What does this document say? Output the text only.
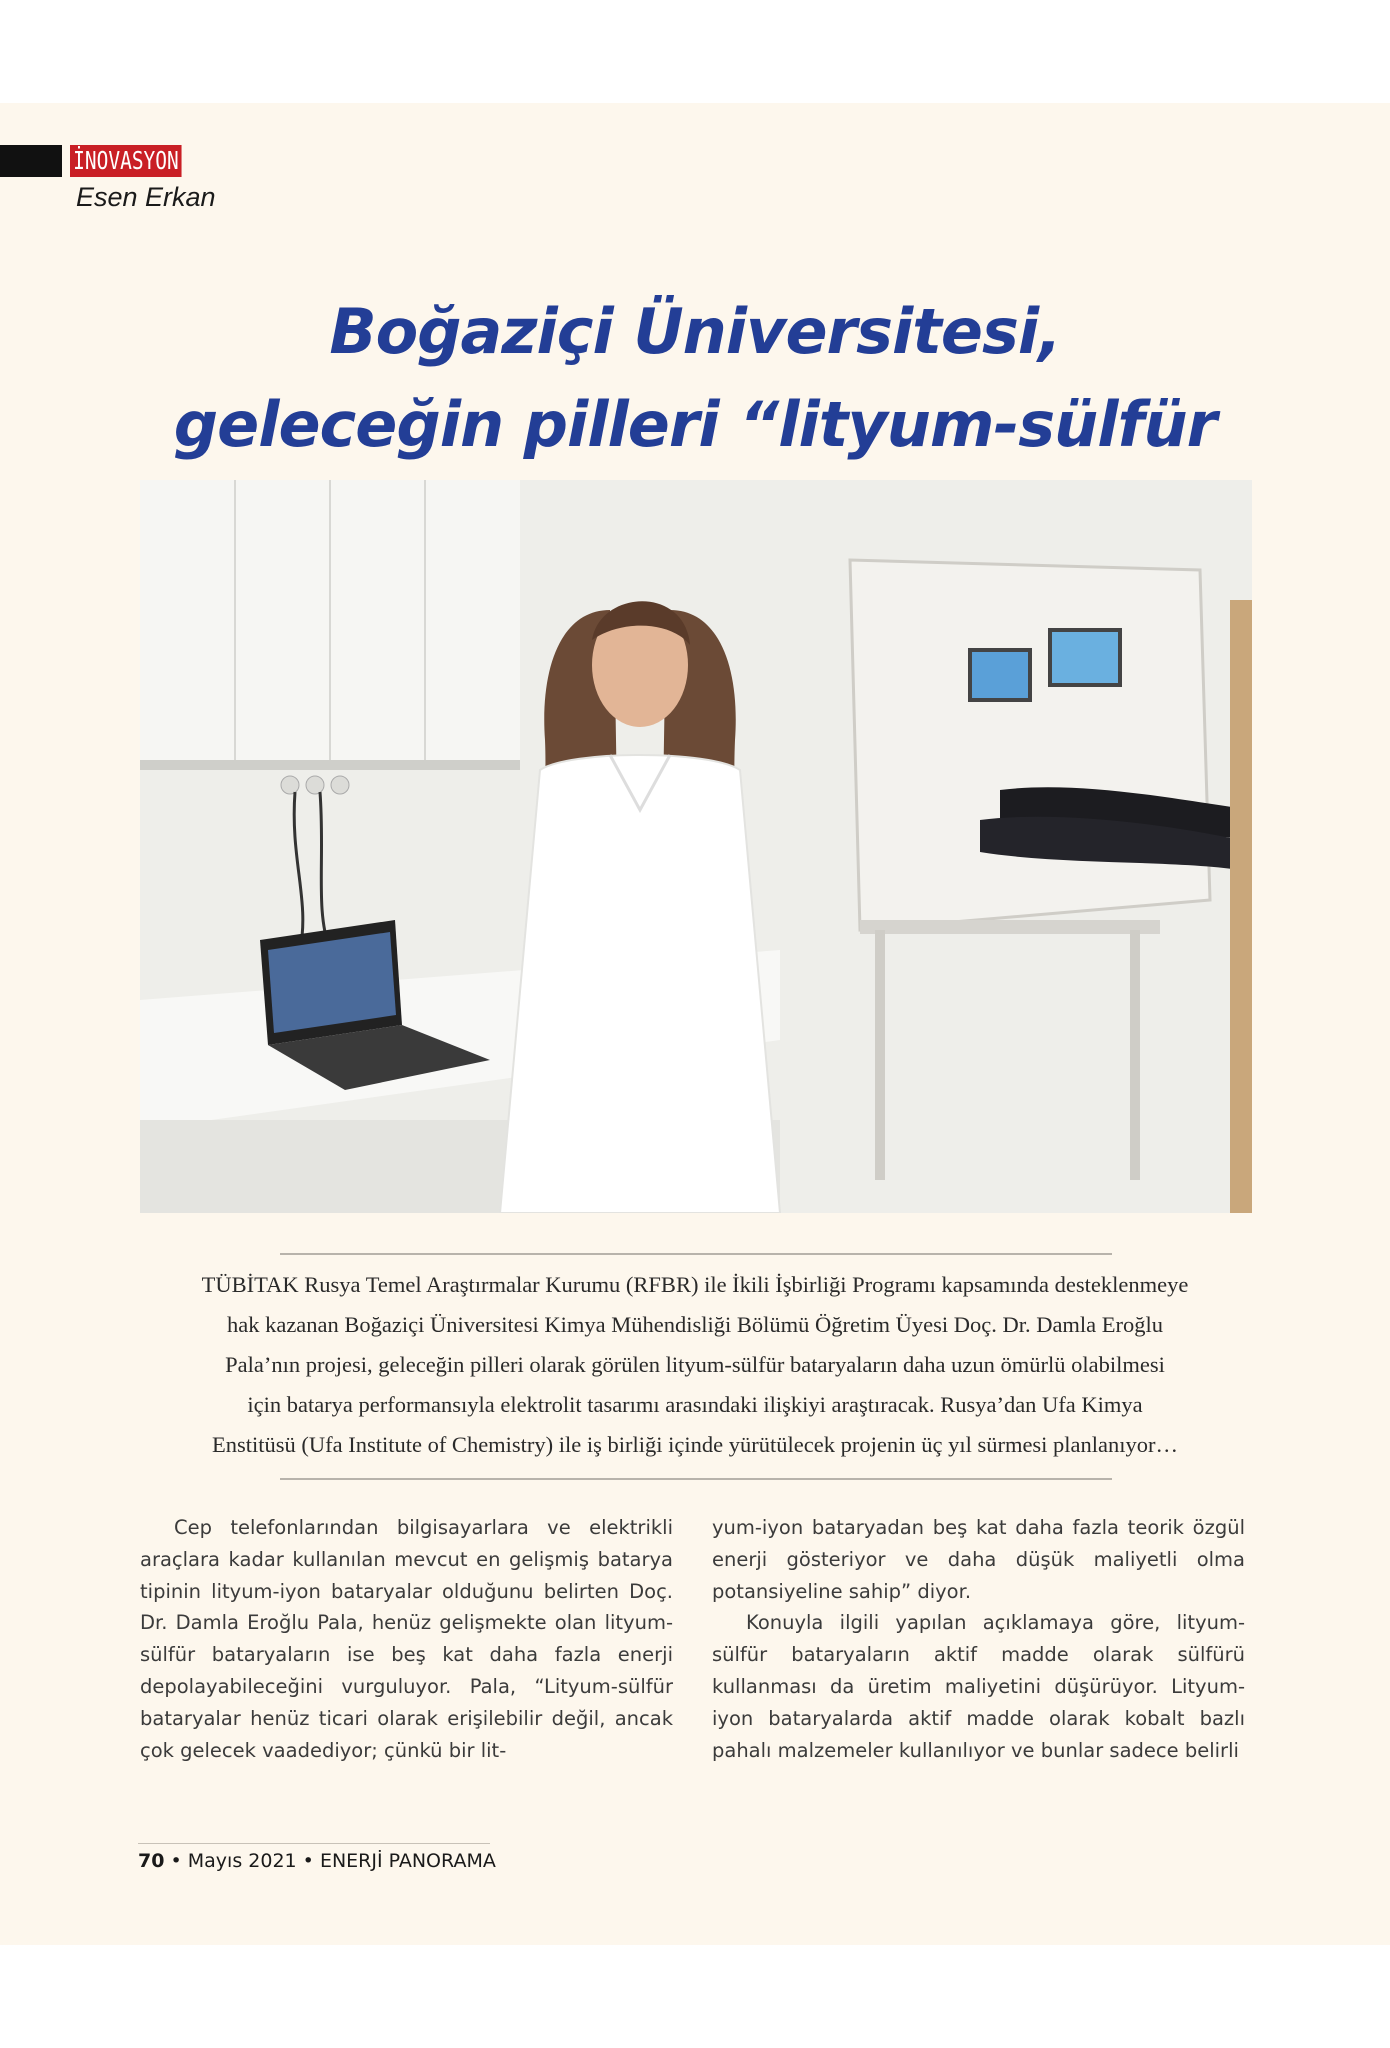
İNOVASYON
Esen Erkan
Boğaziçi Üniversitesi,
geleceğin pilleri “lityum-sülfür

TÜBİTAK Rusya Temel Araştırmalar Kurumu (RFBR) ile İkili İşbirliği Programı kapsamında desteklenmeye
hak kazanan Boğaziçi Üniversitesi Kimya Mühendisliği Bölümü Öğretim Üyesi Doç. Dr. Damla Eroğlu
Pala’nın projesi, geleceğin pilleri olarak görülen lityum-sülfür bataryaların daha uzun ömürlü olabilmesi
için batarya performansıyla elektrolit tasarımı arasındaki ilişkiyi araştıracak. Rusya’dan Ufa Kimya
Enstitüsü (Ufa Institute of Chemistry) ile iş birliği içinde yürütülecek projenin üç yıl sürmesi planlanıyor…

Cep telefonlarından bilgisayarlara ve elektrikli araçlara kadar kullanılan mevcut en gelişmiş batarya tipinin lityum-iyon bataryalar olduğunu belirten Doç. Dr. Damla Eroğlu Pala, henüz gelişmekte olan lityum-sülfür bataryaların ise beş kat daha fazla enerji depolayabileceğini vurguluyor. Pala, “Lityum-sülfür bataryalar henüz ticari olarak erişilebilir değil, ancak çok gelecek vaadediyor; çünkü bir lit-

yum-iyon bataryadan beş kat daha fazla teorik özgül enerji gösteriyor ve daha düşük maliyetli olma potansiyeline sahip” diyor.

Konuyla ilgili yapılan açıklamaya göre, lityum-sülfür bataryaların aktif madde olarak sülfürü kullanması da üretim maliyetini düşürüyor. Lityum-iyon bataryalarda aktif madde olarak kobalt bazlı pahalı malzemeler kullanılıyor ve bunlar sadece belirli

70 • Mayıs 2021 • ENERJİ PANORAMA
